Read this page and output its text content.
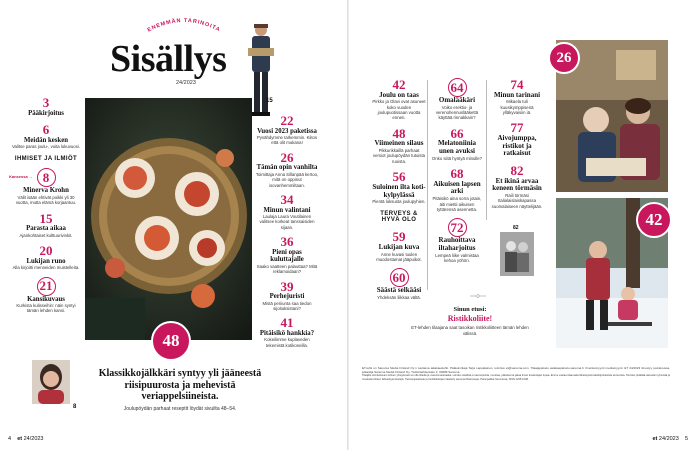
ENEMMÄN TARINOITA
Sisällys
24/2023
15
3
Pääkirjoitus
6
Meidän kesken
Valitse paras joulu-, voita lukuvuosi.
IHMISET JA ILMIÖT
Kansessa →	8
Minerva Krohn
Välit isään ehtivät poikki yli 30 vuotta, mutta elämä korjaantuu.
15
Parasta aikaa
Ajankohtaiset kulttuurivinkit.
20
Lukijan runo
Alla kirjoitti menneiden muistelleita.
21
Kansikuvaus
Kurkista kulisseihin: näin syntyi tämän lehden kansi.
22
Vuosi 2023 paketissa
Pysähdymme tarkemmin. Kiitos että olit mukana!
26
Tämän opin vanhilta
Toimittaja Anna Sillanpää kertoo, mitä on oppinut isovanhemmiltaan.
34
Minun valintani
Laulaja Laura Voutilainen valitsee korkeat tanssaisiden sijaan.
36
Pieni opas kuluttajalle
Saako vaatteen palauttaa? Mitä reklamoidaan?
39
Perhejuristi
Mistä periiunta saa tiedon sijoituksistani?
41
Pitäisikö hankkia?
Kokeilimme kuplaveden tekemistä kotikoneilla.
48
Klassikkojälkkäri syntyy yli jääneestä riisipuurosta ja mehevistä veriappelsiineista.
Joulupöydän parhaat reseptit löydät sivuilta 48–54.
8
4 et 24/2023
42
Joulu on taas
Pirkko ja Olavi ovat asuneet koko vuoden joulupuotissaan vuotta ennen.
48
Viimeinen silaus
Pikkurikkaillä parhaat versiot joulupöydän tutuista ruoista.
56
Suloinen ilta koti-kylpylässä
Pientä luksusta joulupyhien.
TERVEYS & HYVÄ OLO
59
Lukijan kuva
Anne kuvasi tuulen muodostamat jääpuikot.
60
Säästä selkääsi
Yhdeksän liikkaa vältä.
64
Omalääkäri
Voiko erektio- ja verenohennuslääkettä käyttää rinnakkain?
66
Melatoniinia unen avuksi
Onko siitä hyötyä minulle?
68
Aikuisen lapsen arki
Pitäisikö aina sorra jotain, äiti miettii aikuisen tyttärensä asennetta.
72
Rauhoittava iltaharjoitus
Lempeä liike valmistaa kehoa yöhön.
74
Minun tarinani
Mikaela tuli kuusikymppisenä ylläkyvaisiin iä.
77
Aivojumppa, ristikot ja ratkaisut
82
Et ikinä arvaa keneen törmäsin
Raili törmäsi Italialaislaiskapassa suomalaiseen näyttelijään.
82
26
42
Sinun etusi:
Ristikkoliite!
ET-lehden tilaajana saat tasoikan ristikkoliitteen tämän lehden välissä.

ET-lehti on Sanoma Media Finland Oy:n tuottama aikakauslehti. Päätoimittaja Tarja Lappalainen, toimitus et@sanoma.com. Tilaajapalvelu asiakaspalvelu.sanoma.fi. Ilmoitusmyynti mediamyynti. ET 24/2023 ilmestyy joulukuussa, julkaisija Sanoma Media Finland Oy, Töölönlahdenkatu 2, 00089 Sanoma.

Tilaajille toimitettavien lehtien yhteydessä voi olla liitteitä ja mainosmateriaalia. Lehden sisältöä ei saa kopioida, muuttaa, julkaista tai jakaa ilman kustantajan lupaa. Emme vastaa tilaamatta lähetetyistä käsikirjoituksista tai kuvista. Toimitus pidättää oikeuden lyhentää ja muokata lehteen lähetettyjä tekstejä. Tietosuojaseloste ja henkilötietojen käsittely sanoma.fi/tietosuoja. Painopaikka Suomessa, ISSN 1235-1008.

et 24/2023 5
